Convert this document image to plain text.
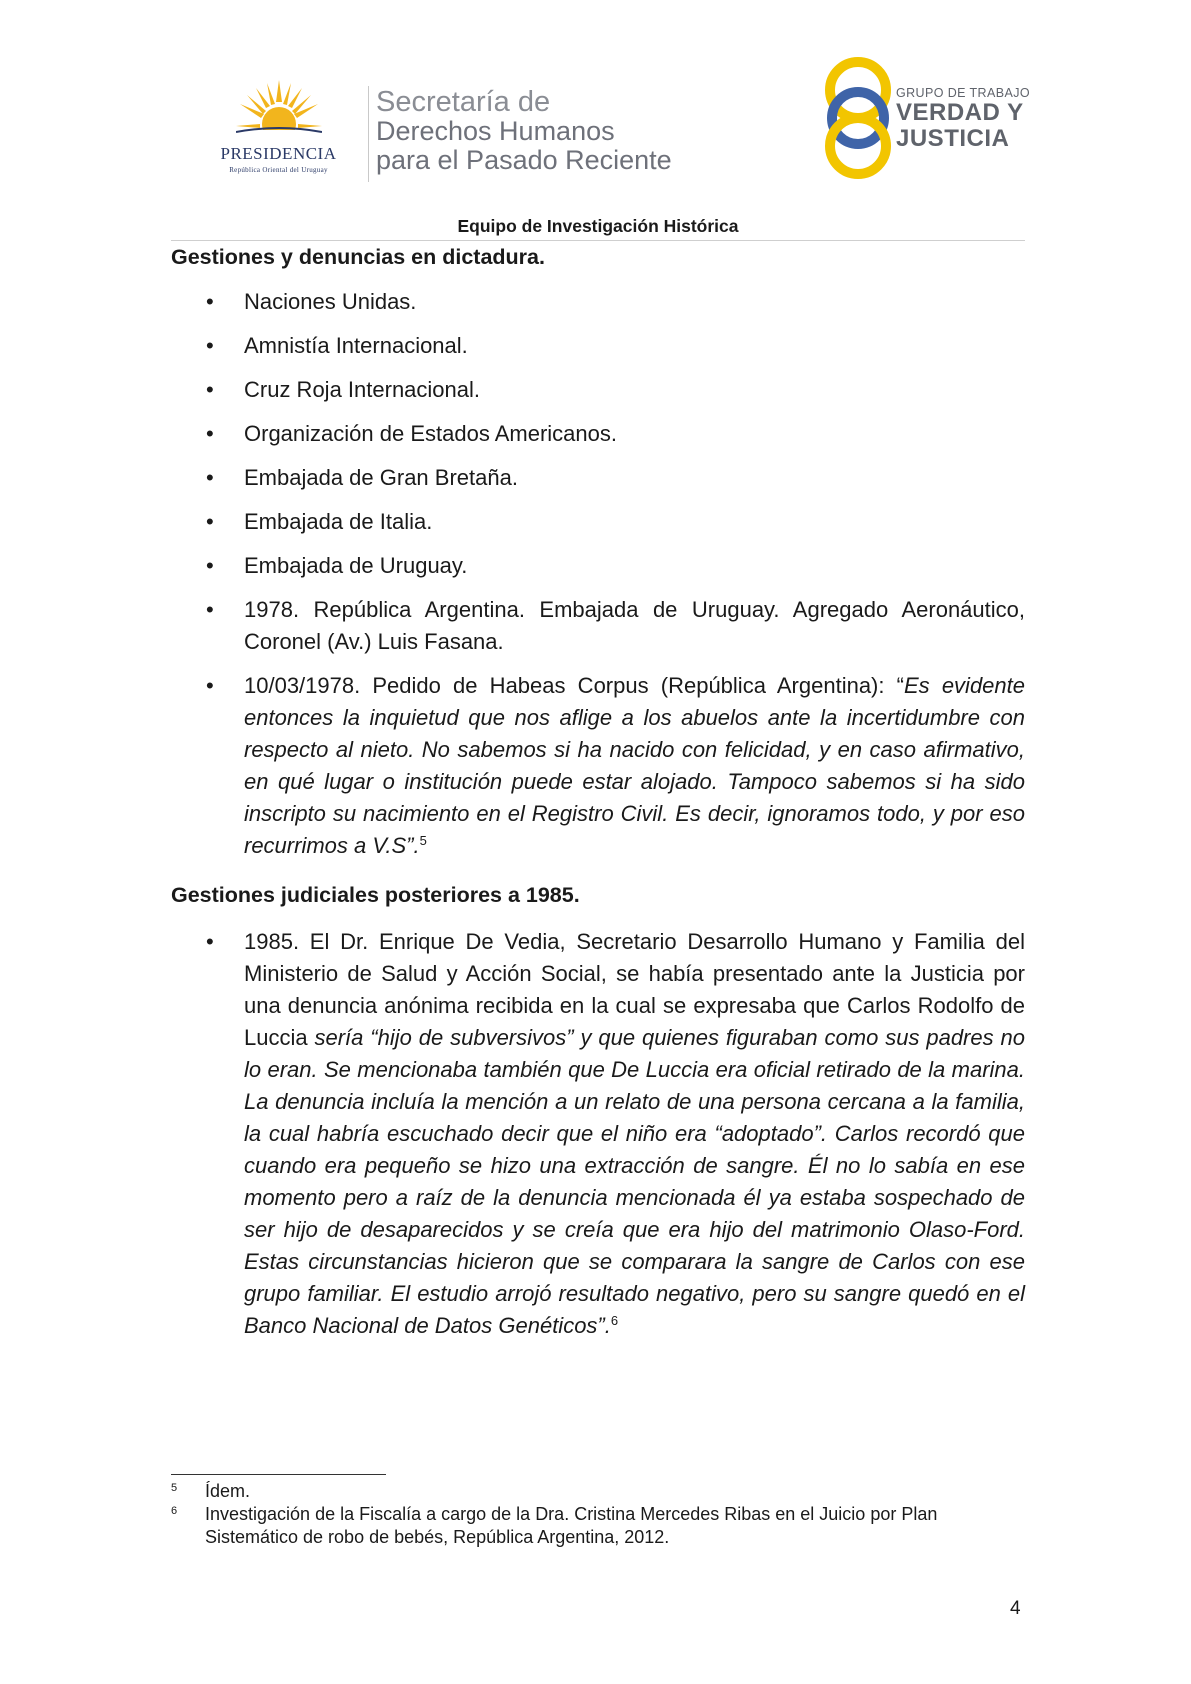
PRESIDENCIA
República Oriental del Uruguay
Secretaría de
Derechos Humanos
para el Pasado Reciente
GRUPO DE TRABAJO
VERDAD Y
JUSTICIA
Equipo de Investigación Histórica
Gestiones y denuncias en dictadura.
• Naciones Unidas.
• Amnistía Internacional.
• Cruz Roja Internacional.
• Organización de Estados Americanos.
• Embajada de Gran Bretaña.
• Embajada de Italia.
• Embajada de Uruguay.
• 1978. República Argentina. Embajada de Uruguay. Agregado Aeronáutico, Coronel (Av.) Luis Fasana.
• 10/03/1978. Pedido de Habeas Corpus (República Argentina): “Es evidente entonces la inquietud que nos aflige a los abuelos ante la incertidumbre con respecto al nieto. No sabemos si ha nacido con felicidad, y en caso afirmativo, en qué lugar o institución puede estar alojado. Tampoco sabemos si ha sido inscripto su nacimiento en el Registro Civil. Es decir, ignoramos todo, y por eso recurrimos a V.S”.$^5$
Gestiones judiciales posteriores a 1985.
• 1985. El Dr. Enrique De Vedia, Secretario Desarrollo Humano y Familia del Ministerio de Salud y Acción Social, se había presentado ante la Justicia por una denuncia anónima recibida en la cual se expresaba que Carlos Rodolfo de Luccia sería “hijo de subversivos” y que quienes figuraban como sus padres no lo eran. Se mencionaba también que De Luccia era oficial retirado de la marina. La denuncia incluía la mención a un relato de una persona cercana a la familia, la cual habría escuchado decir que el niño era “adoptado”. Carlos recordó que cuando era pequeño se hizo una extracción de sangre. Él no lo sabía en ese momento pero a raíz de la denuncia mencionada él ya estaba sospechado de ser hijo de desaparecidos y se creía que era hijo del matrimonio Olaso-Ford. Estas circunstancias hicieron que se comparara la sangre de Carlos con ese grupo familiar. El estudio arrojó resultado negativo, pero su sangre quedó en el Banco Nacional de Datos Genéticos”.$^6$
5 Ídem.
6 Investigación de la Fiscalía a cargo de la Dra. Cristina Mercedes Ribas en el Juicio por Plan Sistemático de robo de bebés, República Argentina, 2012.
4
